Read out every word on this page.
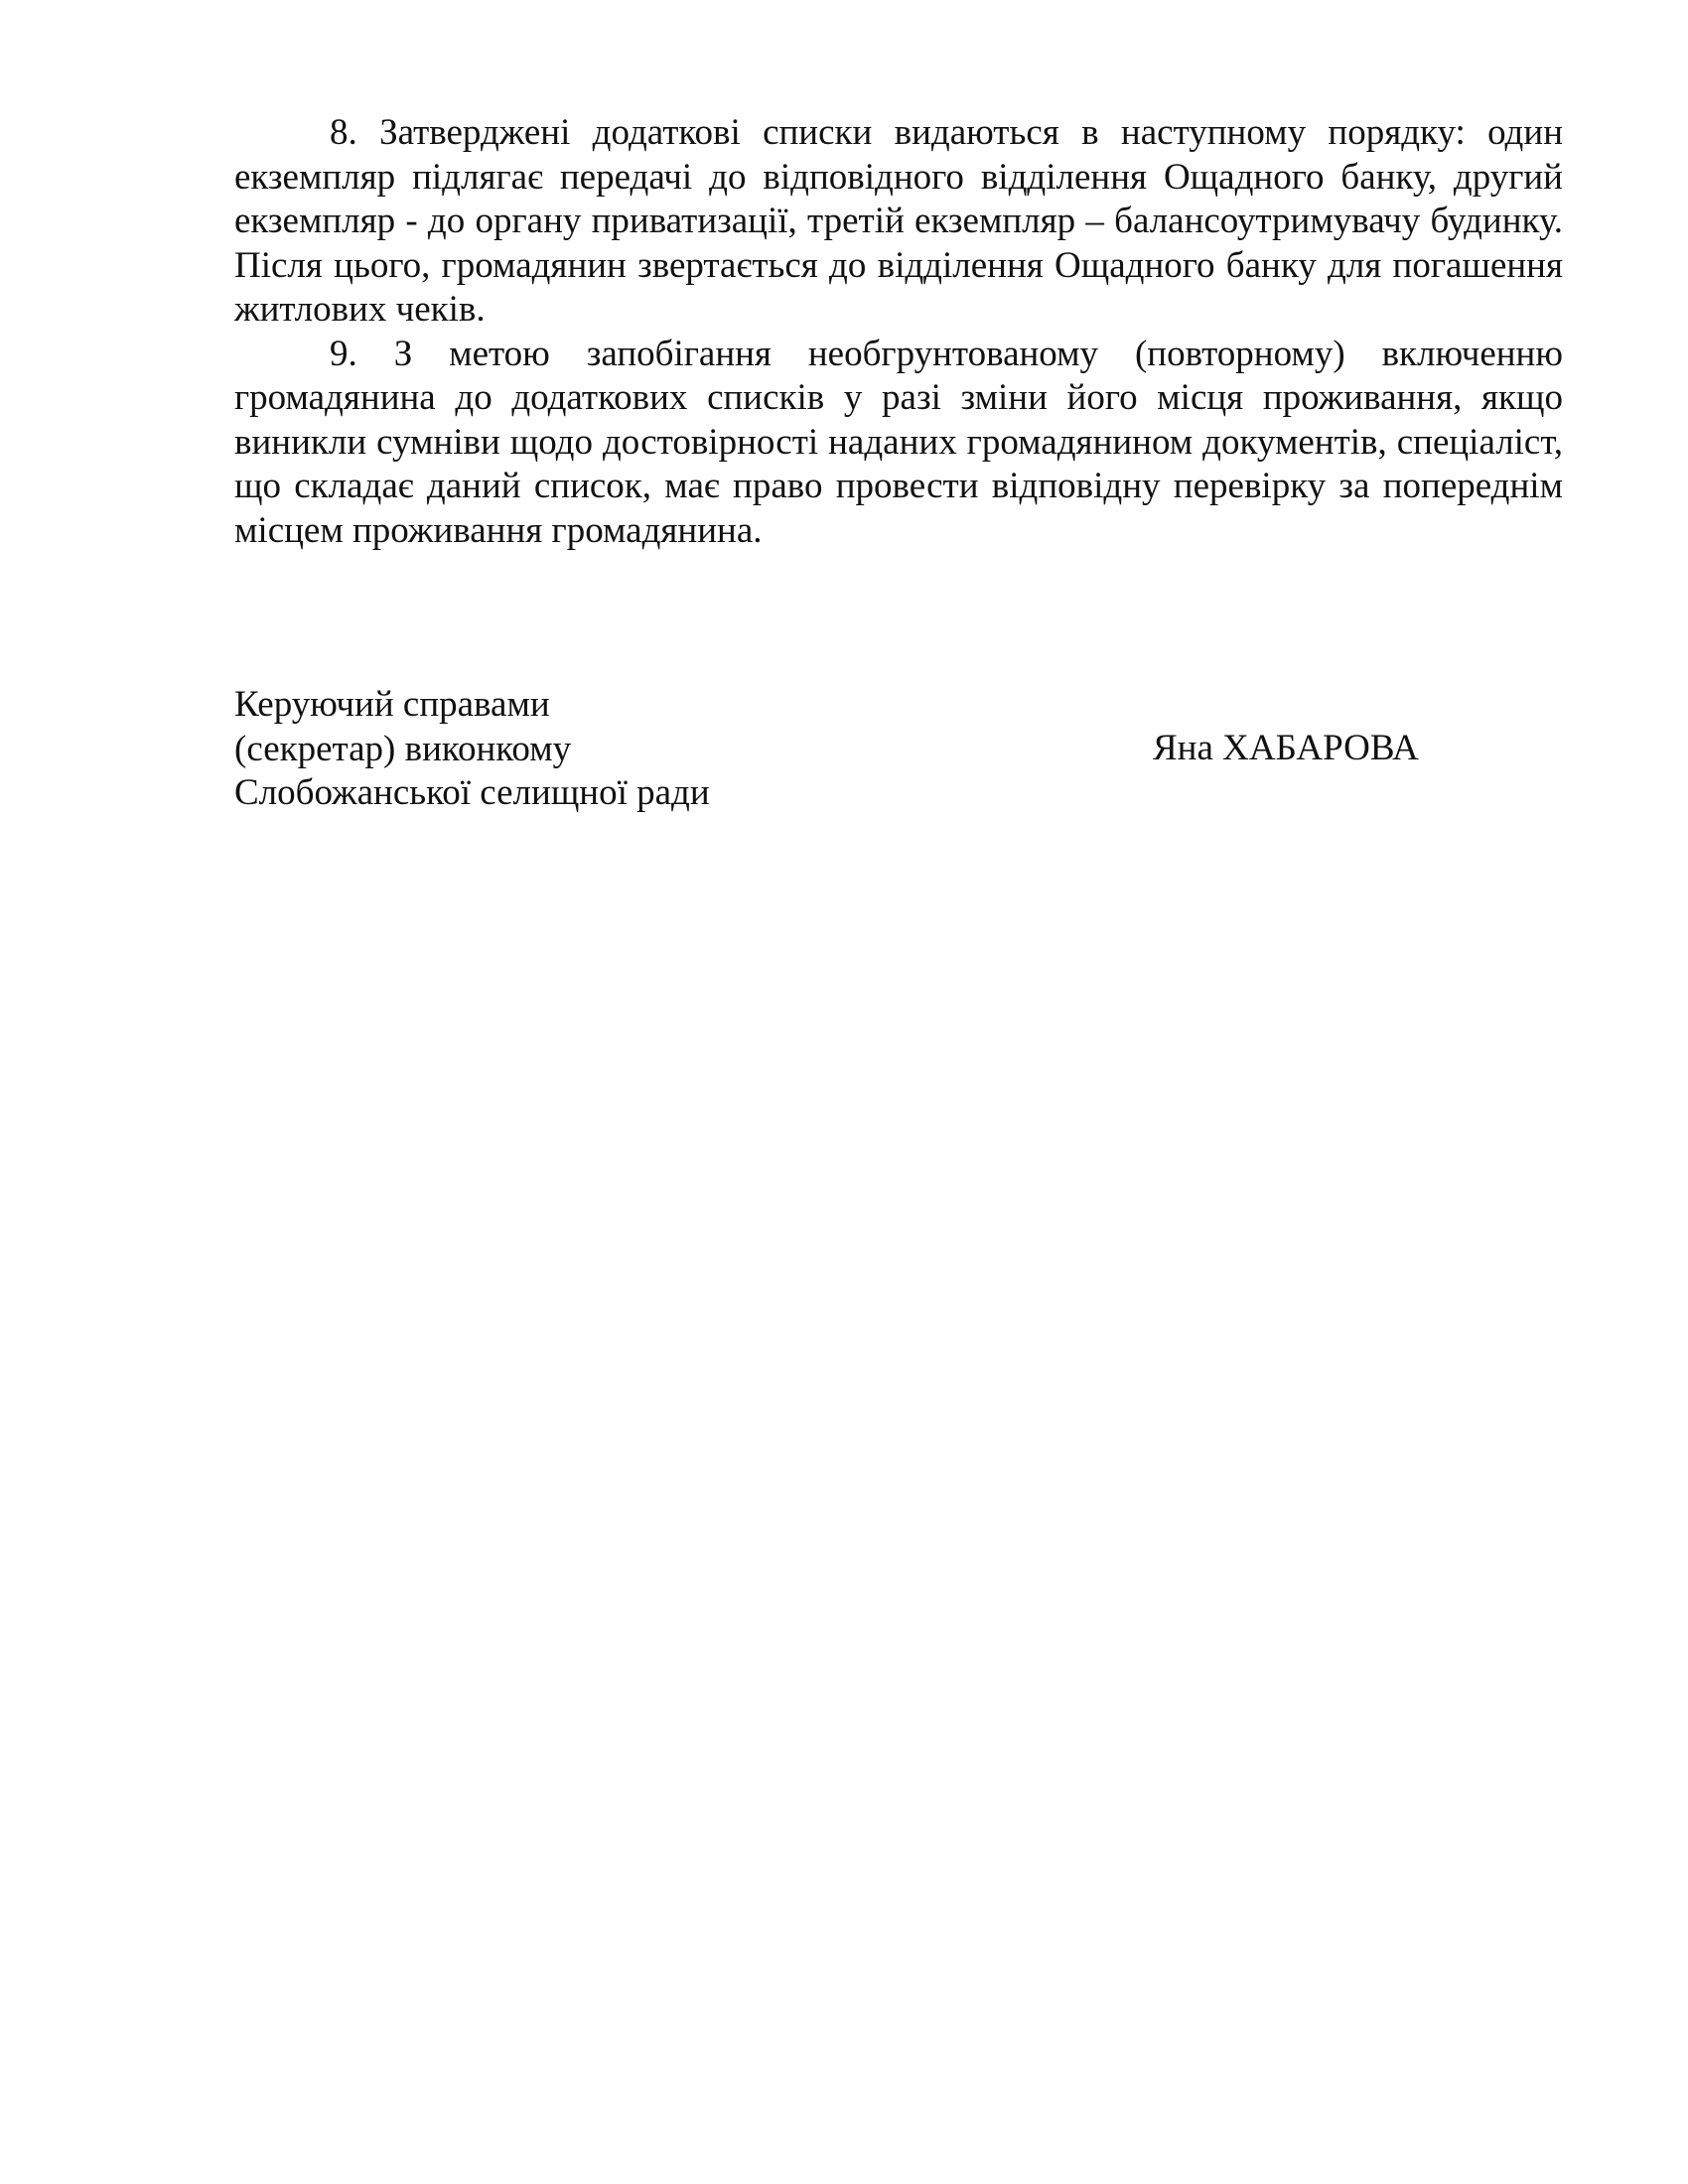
8. Затверджені додаткові списки видаються в наступному порядку: один екземпляр підлягає передачі до відповідного відділення Ощадного банку, другий екземпляр - до органу приватизації, третій екземпляр – балансоутримувачу будинку. Після цього, громадянин звертається до відділення Ощадного банку для погашення житлових чеків.

9. З метою запобігання необгрунтованому (повторному) включенню громадянина до додаткових списків у разі зміни його місця проживання, якщо виникли сумніви щодо достовірності наданих громадянином документів, спеціаліст, що складає даний список, має право провести відповідну перевірку за попереднім місцем проживання громадянина.

Керуючий справами
(секретар) виконкому
Слобожанської селищної ради
Яна ХАБАРОВА
